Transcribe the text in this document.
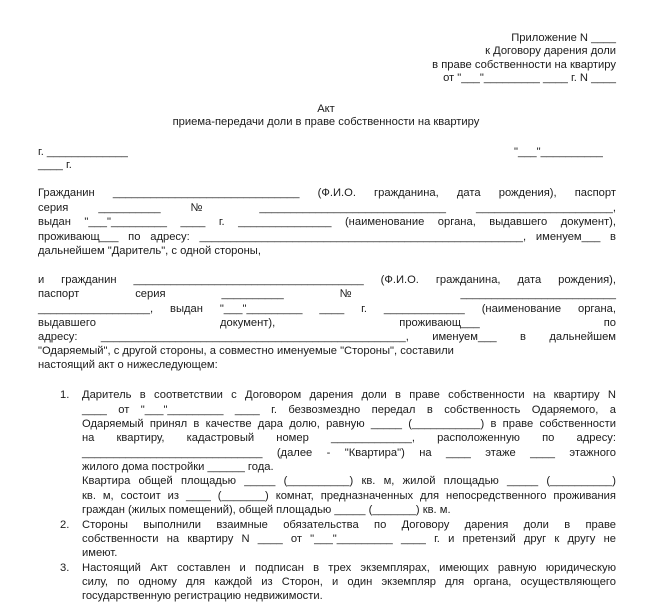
Приложение N ____
к Договору дарения доли
в праве собственности на квартиру
от "___"_________ ____ г. N ____
Акт
приема-передачи доли в праве собственности на квартиру
г. _____________
____ г.
"___"__________
Гражданин ______________________________ (Ф.И.О. гражданина, дата рождения), паспорт
серия __________ № ______________________________ ______________________,
выдан "___"_________ ____ г. _______________ (наименование органа, выдавшего документ),
проживающ___ по адресу: ____________________________________________________, именуем___ в
дальнейшем "Даритель", с одной стороны,
и гражданин _____________________________________ (Ф.И.О. гражданина, дата рождения),
паспорт серия __________ № _________________________
__________________, выдан "___"_________ ____ г. _____________ (наименование органа,
выдавшего документ), проживающ___ по
адресу: _________________________________________________, именуем___ в дальнейшем
"Одаряемый", с другой стороны, а совместно именуемые "Стороны", составили
настоящий акт о нижеследующем:
1. Даритель в соответствии с Договором дарения доли в праве собственности на квартиру N
____ от "___"_________ ____ г. безвозмездно передал в собственность Одаряемого, а
Одаряемый принял в качестве дара долю, равную _____ (___________) в праве собственности
на квартиру, кадастровый номер _____________, расположенную по адресу:
_____________________________ (далее - "Квартира") на ____ этаже ____ этажного
жилого дома постройки ______ года.
Квартира общей площадью _____ (__________) кв. м, жилой площадью _____ (__________)
кв. м, состоит из ____ (_______) комнат, предназначенных для непосредственного проживания
граждан (жилых помещений), общей площадью _____ (_______) кв. м.
2. Стороны выполнили взаимные обязательства по Договору дарения доли в праве
собственности на квартиру N ____ от "___"_________ ____ г. и претензий друг к другу не
имеют.
3. Настоящий Акт составлен и подписан в трех экземплярах, имеющих равную юридическую
силу, по одному для каждой из Сторон, и один экземпляр для органа, осуществляющего
государственную регистрацию недвижимости.
